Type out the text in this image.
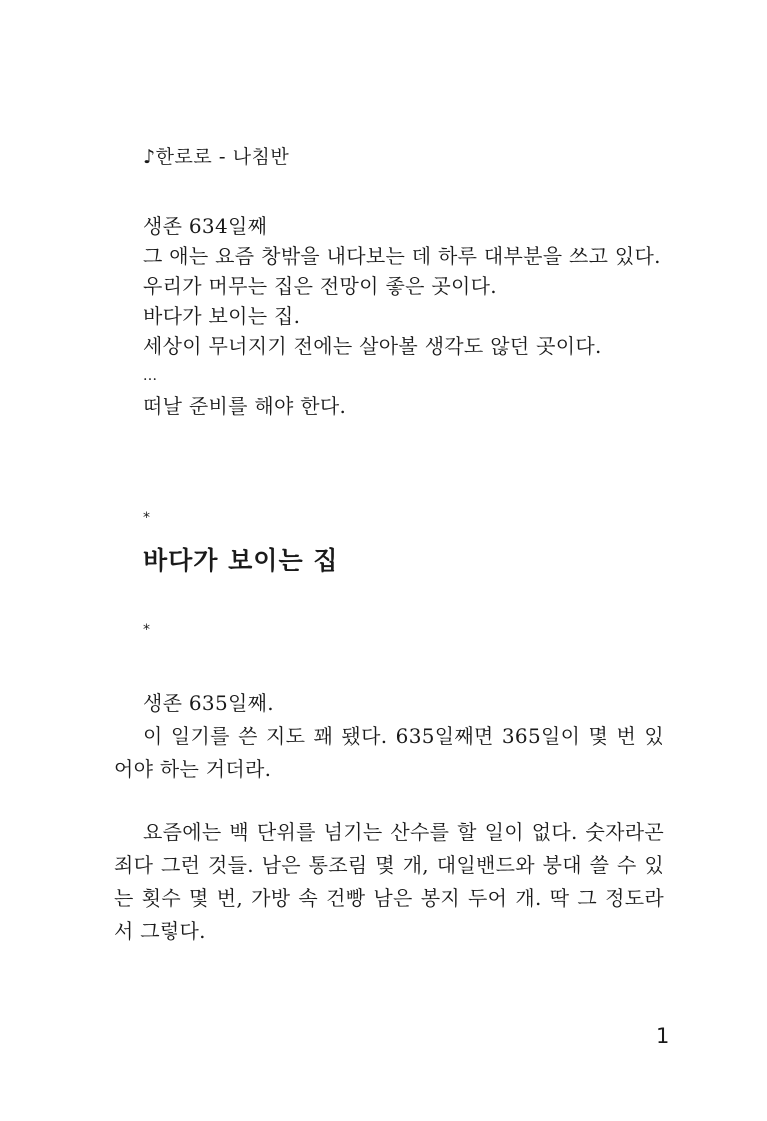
♪한로로 - 나침반
생존 634일째
그 애는 요즘 창밖을 내다보는 데 하루 대부분을 쓰고 있다.
우리가 머무는 집은 전망이 좋은 곳이다.
바다가 보이는 집.
세상이 무너지기 전에는 살아볼 생각도 않던 곳이다.
...
떠날 준비를 해야 한다.
*
바다가 보이는 집
*
생존 635일째.
이 일기를 쓴 지도 꽤 됐다. 635일째면 365일이 몇 번 있어야 하는 거더라.
요즘에는 백 단위를 넘기는 산수를 할 일이 없다. 숫자라곤 죄다 그런 것들. 남은 통조림 몇 개, 대일밴드와 붕대 쓸 수 있는 횟수 몇 번, 가방 속 건빵 남은 봉지 두어 개. 딱 그 정도라서 그렇다.
1
